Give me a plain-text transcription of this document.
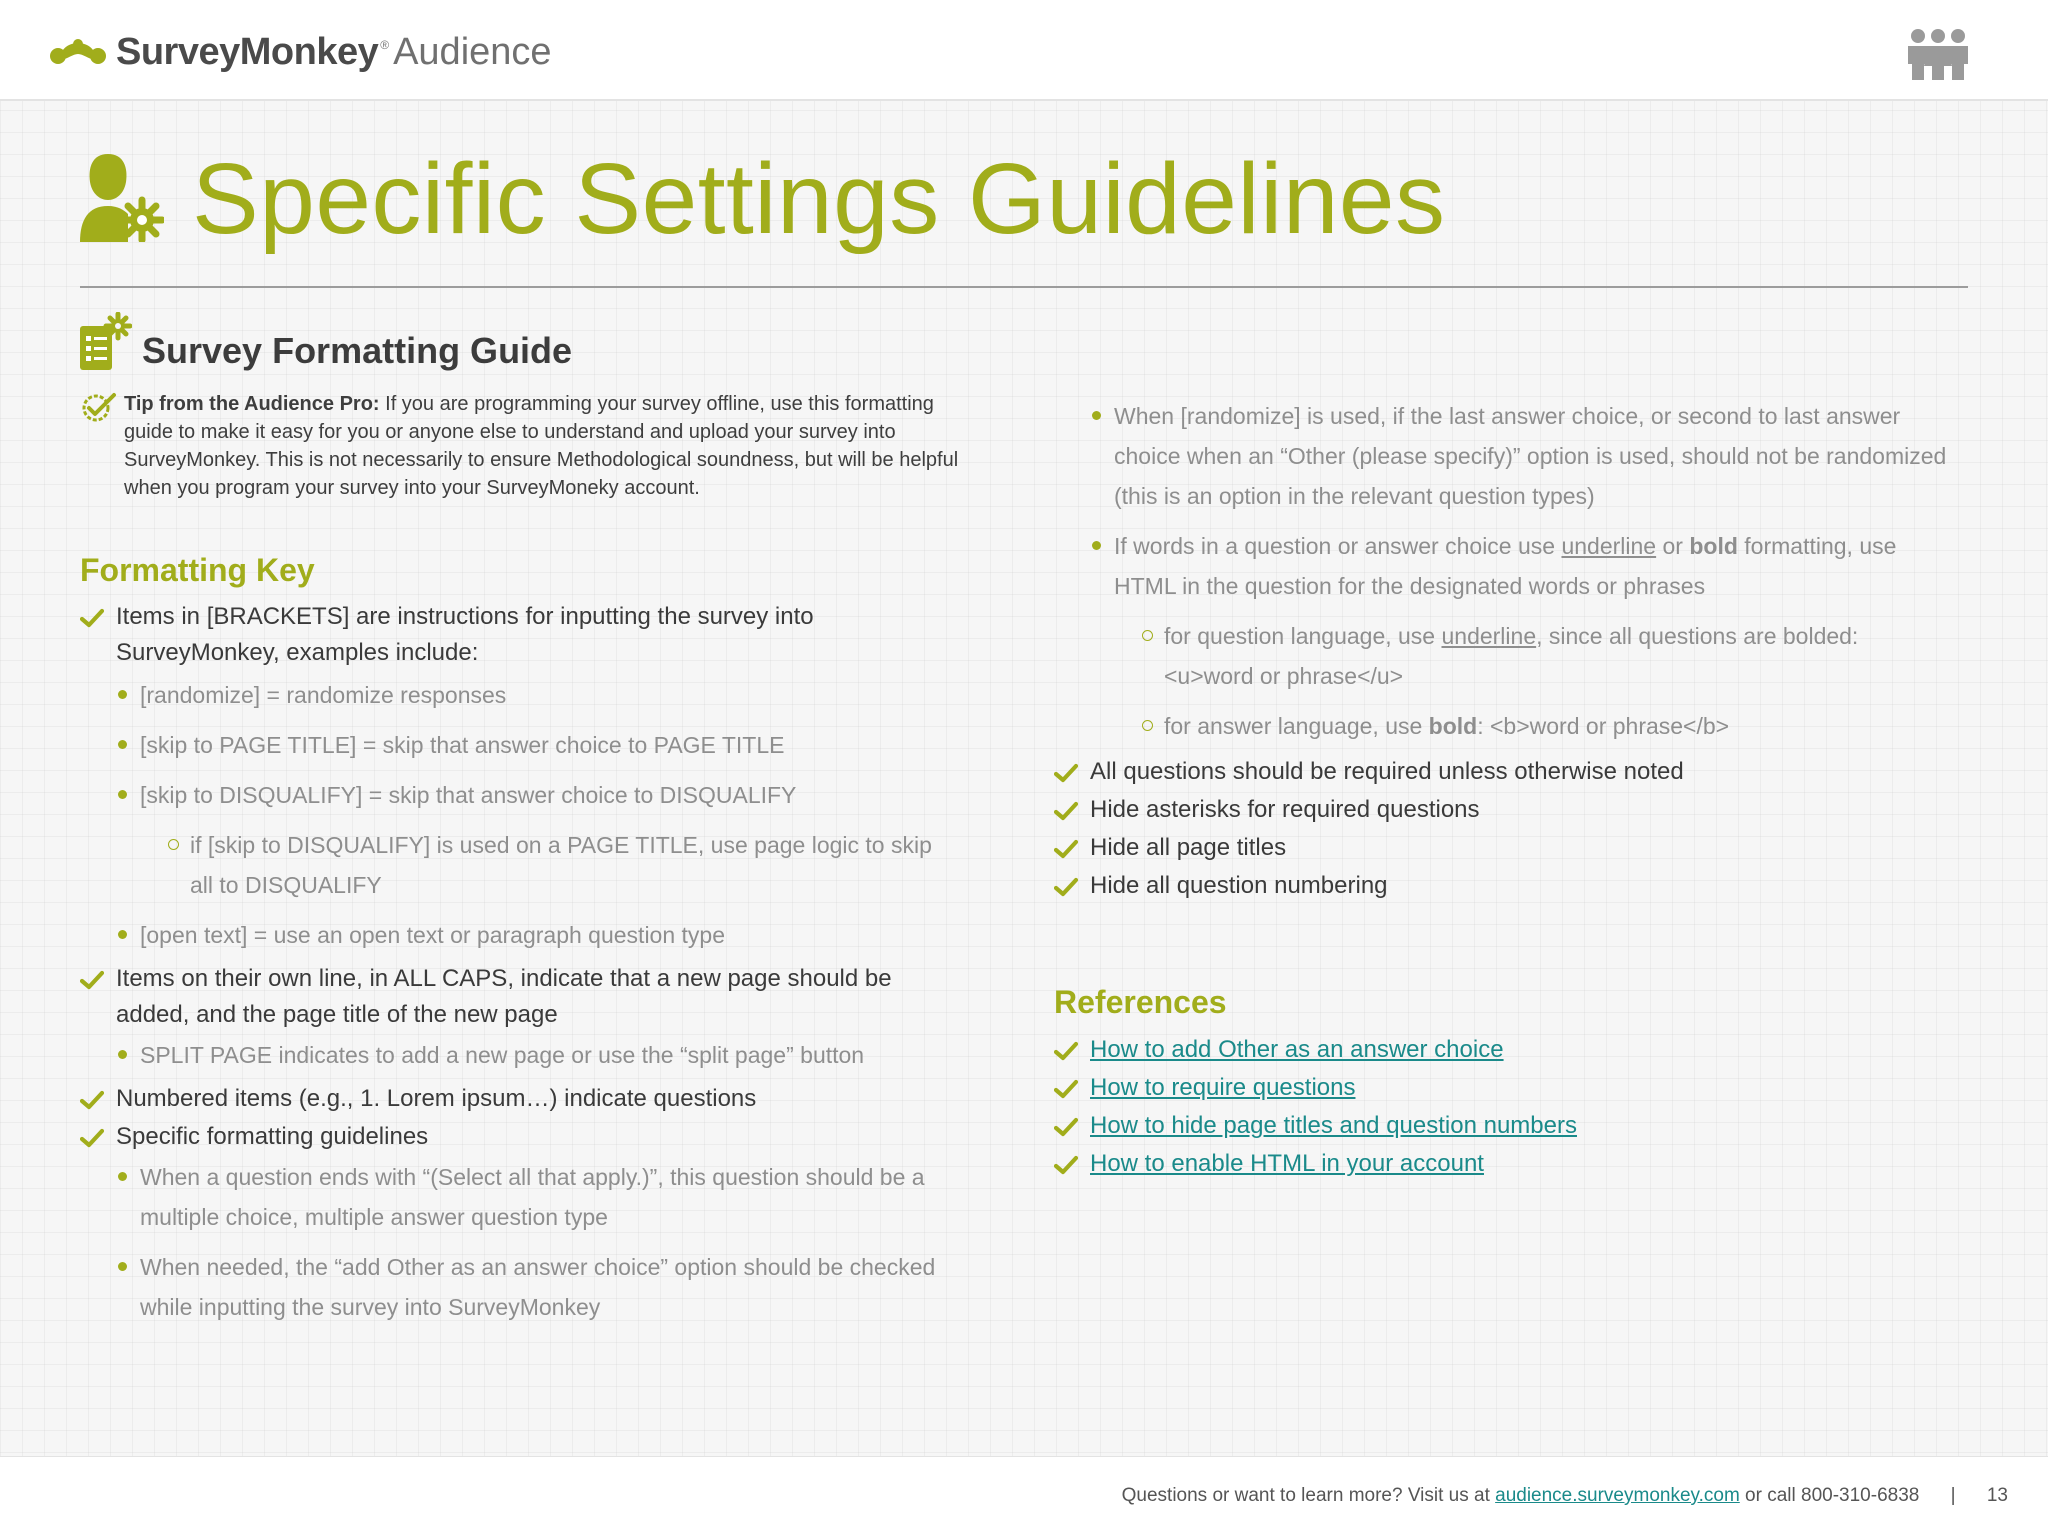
SurveyMonkey ® Audience
Specific Settings Guidelines
Survey Formatting Guide

Tip from the Audience Pro: If you are programming your survey offline, use this formatting guide to make it easy for you or anyone else to understand and upload your survey into SurveyMonkey. This is not necessarily to ensure Methodological soundness, but will be helpful when you program your survey into your SurveyMoneky account.

Formatting Key
Items in [BRACKETS] are instructions for inputting the survey into SurveyMonkey, examples include:
[randomize] = randomize responses
[skip to PAGE TITLE] = skip that answer choice to PAGE TITLE
[skip to DISQUALIFY] = skip that answer choice to DISQUALIFY
if [skip to DISQUALIFY] is used on a PAGE TITLE, use page logic to skip all to DISQUALIFY
[open text] = use an open text or paragraph question type
Items on their own line, in ALL CAPS, indicate that a new page should be added, and the page title of the new page
SPLIT PAGE indicates to add a new page or use the “split page” button
Numbered items (e.g., 1. Lorem ipsum…) indicate questions
Specific formatting guidelines
When a question ends with “(Select all that apply.)”, this question should be a multiple choice, multiple answer question type
When needed, the “add Other as an answer choice” option should be checked while inputting the survey into SurveyMonkey
When [randomize] is used, if the last answer choice, or second to last answer choice when an “Other (please specify)” option is used, should not be randomized (this is an option in the relevant question types)
If words in a question or answer choice use underline or bold formatting, use HTML in the question for the designated words or phrases
for question language, use underline, since all questions are bolded: <u>word or phrase</u>
for answer language, use bold: <b>word or phrase</b>
All questions should be required unless otherwise noted
Hide asterisks for required questions
Hide all page titles
Hide all question numbering
References
How to add Other as an answer choice
How to require questions
How to hide page titles and question numbers
How to enable HTML in your account
Questions or want to learn more? Visit us at audience.surveymonkey.com or call 800-310-6838 | 13
